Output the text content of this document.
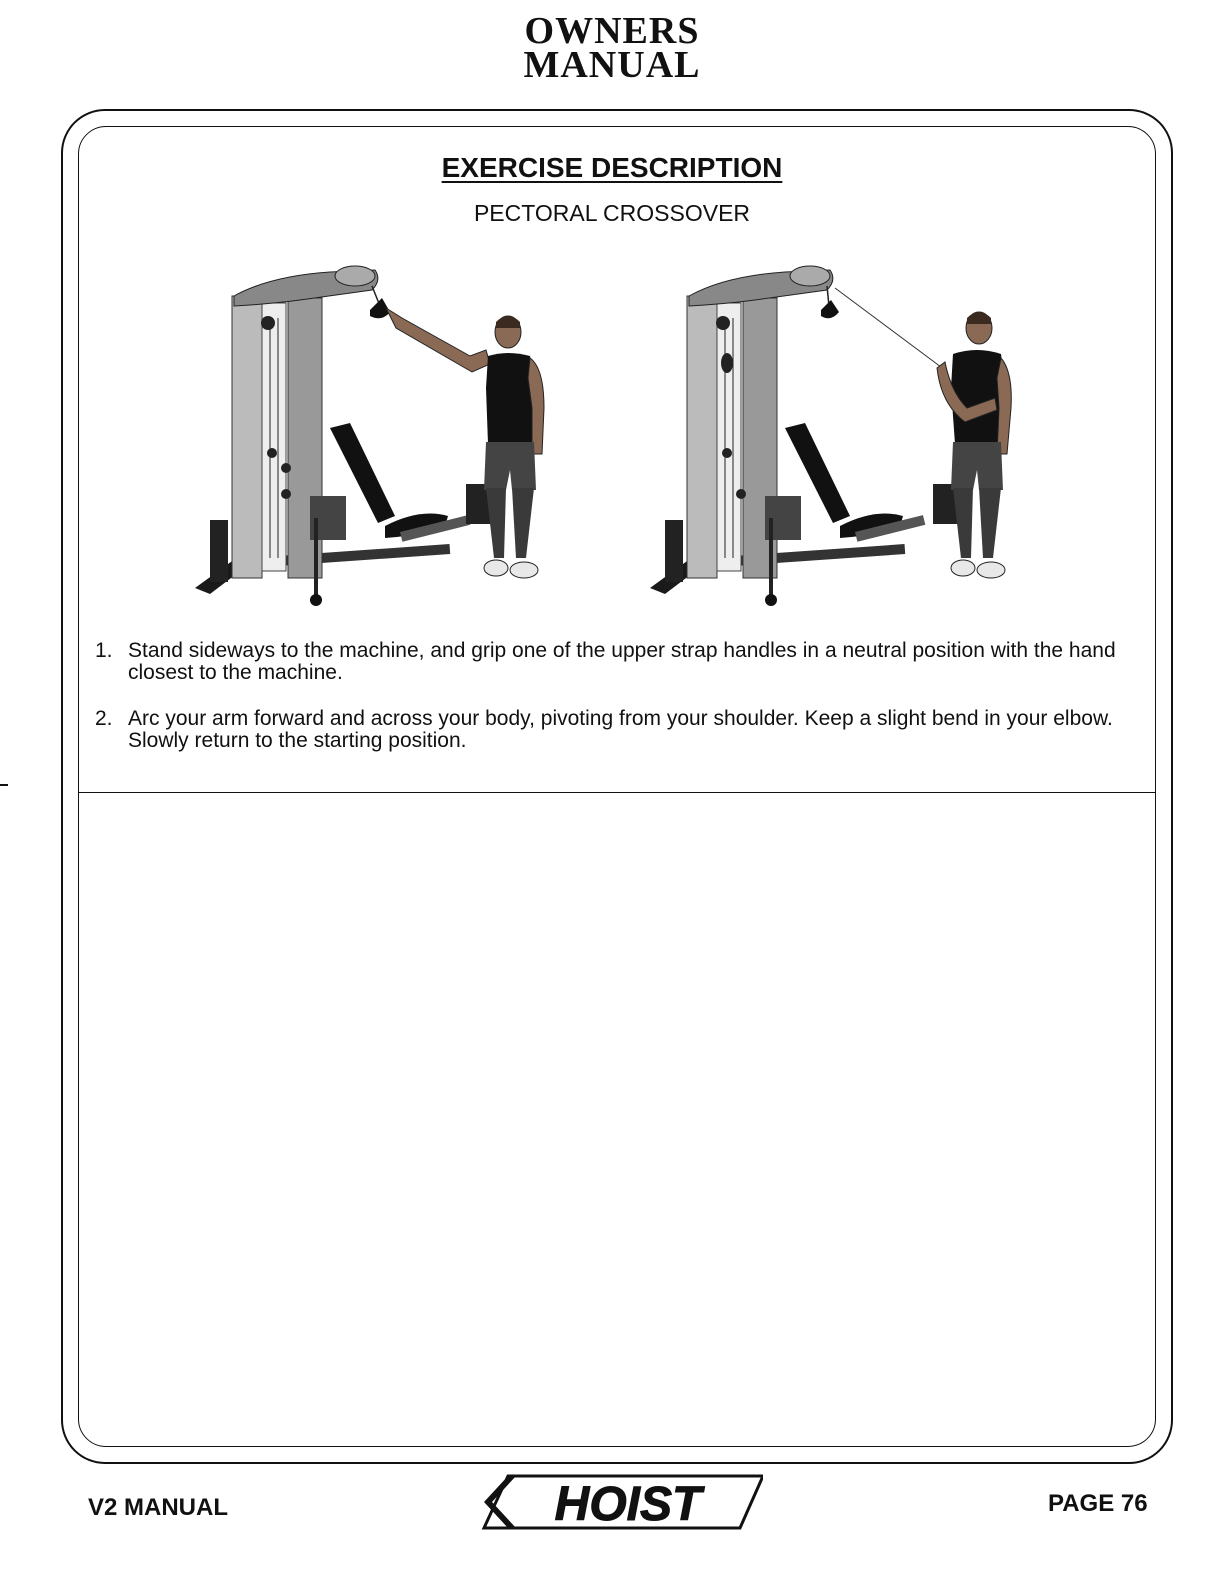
OWNERS
MANUAL
EXERCISE DESCRIPTION
PECTORAL CROSSOVER
1. Stand sideways to the machine, and grip one of the upper strap handles in a neutral position with the hand closest to the machine.
2. Arc your arm forward and across your body, pivoting from your shoulder. Keep a slight bend in your elbow. Slowly return to the starting position.
V2 MANUAL	HOIST	PAGE 76
